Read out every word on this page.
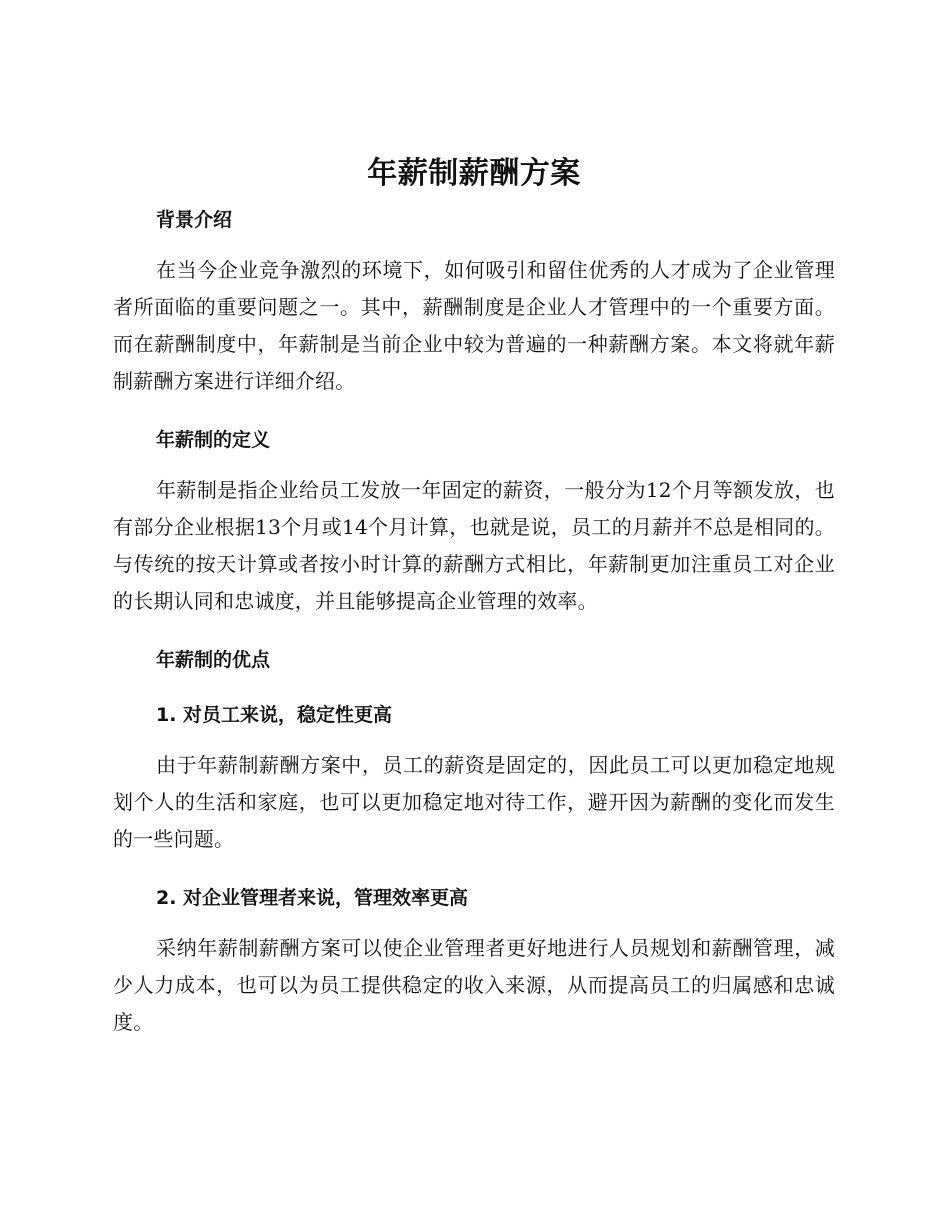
年薪制薪酬方案
背景介绍

在当今企业竞争激烈的环境下，如何吸引和留住优秀的人才成为了企业管理者所面临的重要问题之一。其中，薪酬制度是企业人才管理中的一个重要方面。而在薪酬制度中，年薪制是当前企业中较为普遍的一种薪酬方案。本文将就年薪制薪酬方案进行详细介绍。

年薪制的定义

年薪制是指企业给员工发放一年固定的薪资，一般分为12个月等额发放，也有部分企业根据13个月或14个月计算，也就是说，员工的月薪并不总是相同的。与传统的按天计算或者按小时计算的薪酬方式相比，年薪制更加注重员工对企业的长期认同和忠诚度，并且能够提高企业管理的效率。

年薪制的优点
1. 对员工来说，稳定性更高

由于年薪制薪酬方案中，员工的薪资是固定的，因此员工可以更加稳定地规划个人的生活和家庭，也可以更加稳定地对待工作，避开因为薪酬的变化而发生的一些问题。

2. 对企业管理者来说，管理效率更高

采纳年薪制薪酬方案可以使企业管理者更好地进行人员规划和薪酬管理，减少人力成本，也可以为员工提供稳定的收入来源，从而提高员工的归属感和忠诚度。
